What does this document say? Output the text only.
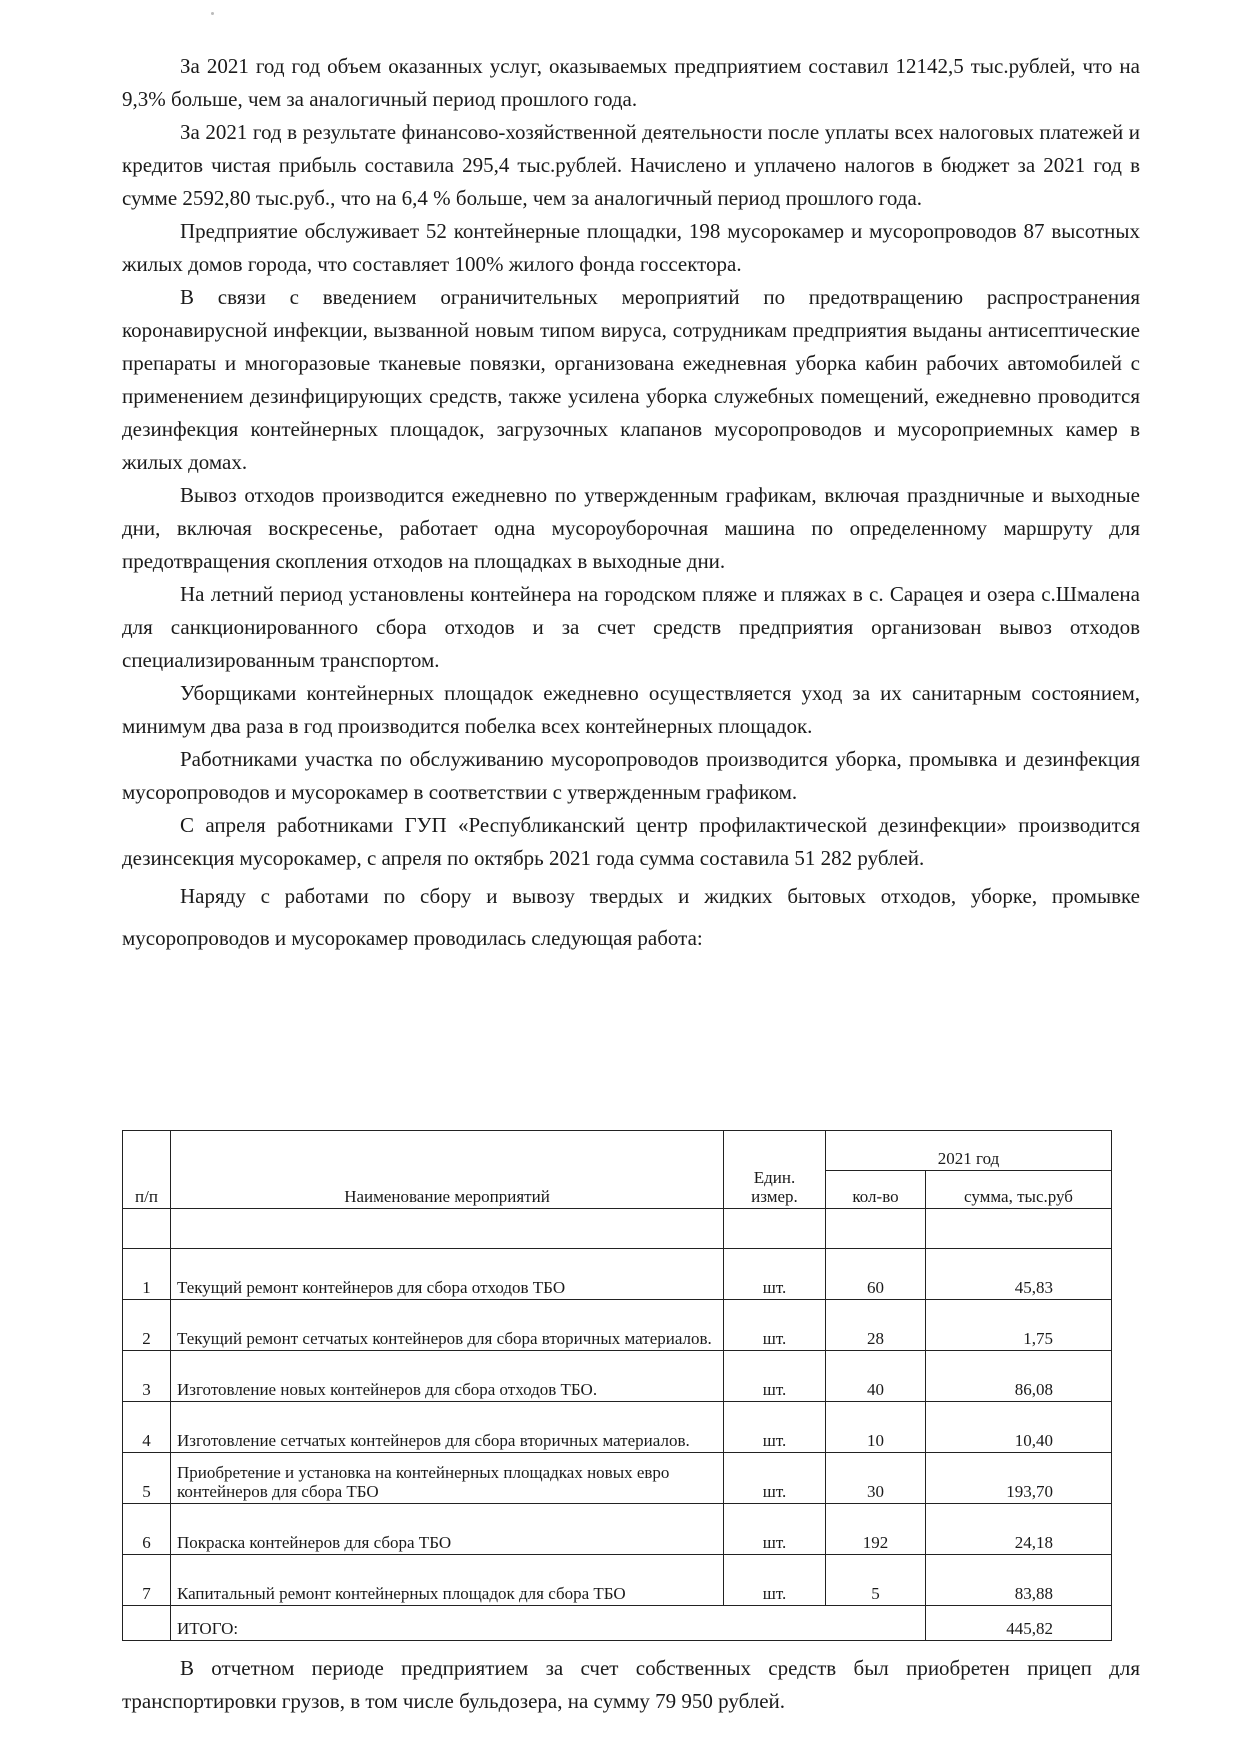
За 2021 год год объем оказанных услуг, оказываемых предприятием составил 12142,5 тыс.рублей, что на 9,3% больше, чем за аналогичный период прошлого года.

За 2021 год в результате финансово-хозяйственной деятельности после уплаты всех налоговых платежей и кредитов чистая прибыль составила 295,4 тыс.рублей. Начислено и уплачено налогов в бюджет за 2021 год в сумме 2592,80 тыс.руб., что на 6,4 % больше, чем за аналогичный период прошлого года.

Предприятие обслуживает 52 контейнерные площадки, 198 мусорокамер и мусоропроводов 87 высотных жилых домов города, что составляет 100% жилого фонда госсектора.

В связи с введением ограничительных мероприятий по предотвращению распространения коронавирусной инфекции, вызванной новым типом вируса, сотрудникам предприятия выданы антисептические препараты и многоразовые тканевые повязки, организована ежедневная уборка кабин рабочих автомобилей с применением дезинфицирующих средств, также усилена уборка служебных помещений, ежедневно проводится дезинфекция контейнерных площадок, загрузочных клапанов мусоропроводов и мусороприемных камер в жилых домах.

Вывоз отходов производится ежедневно по утвержденным графикам, включая праздничные и выходные дни, включая воскресенье, работает одна мусороуборочная машина по определенному маршруту для предотвращения скопления отходов на площадках в выходные дни.

На летний период установлены контейнера на городском пляже и пляжах в с. Сарацея и озера с.Шмалена для санкционированного сбора отходов и за счет средств предприятия организован вывоз отходов специализированным транспортом.

Уборщиками контейнерных площадок ежедневно осуществляется уход за их санитарным состоянием, минимум два раза в год производится побелка всех контейнерных площадок.

Работниками участка по обслуживанию мусоропроводов производится уборка, промывка и дезинфекция мусоропроводов и мусорокамер в соответствии с утвержденным графиком.

С апреля работниками ГУП «Республиканский центр профилактической дезинфекции» производится дезинсекция мусорокамер, с апреля по октябрь 2021 года сумма составила 51 282 рублей.

Наряду с работами по сбору и вывозу твердых и жидких бытовых отходов, уборке, промывке мусоропроводов и мусорокамер проводилась следующая работа:

п/п	Наименование мероприятий	Един. измер.	2021 год	
			кол-во	сумма, тыс.руб

1	Текущий ремонт контейнеров для сбора отходов ТБО	шт.	60	45,83
2	Текущий ремонт сетчатых контейнеров для сбора вторичных материалов.	шт.	28	1,75
3	Изготовление новых контейнеров для сбора отходов ТБО.	шт.	40	86,08
4	Изготовление сетчатых контейнеров для сбора вторичных материалов.	шт.	10	10,40
5	Приобретение и установка на контейнерных площадках новых евро контейнеров для сбора ТБО	шт.	30	193,70
6	Покраска контейнеров для сбора ТБО	шт.	192	24,18
7	Капитальный ремонт контейнерных площадок для сбора ТБО	шт.	5	83,88
	ИТОГО:			445,82

В отчетном периоде предприятием за счет собственных средств был приобретен прицеп для транспортировки грузов, в том числе бульдозера, на сумму 79 950 рублей.
